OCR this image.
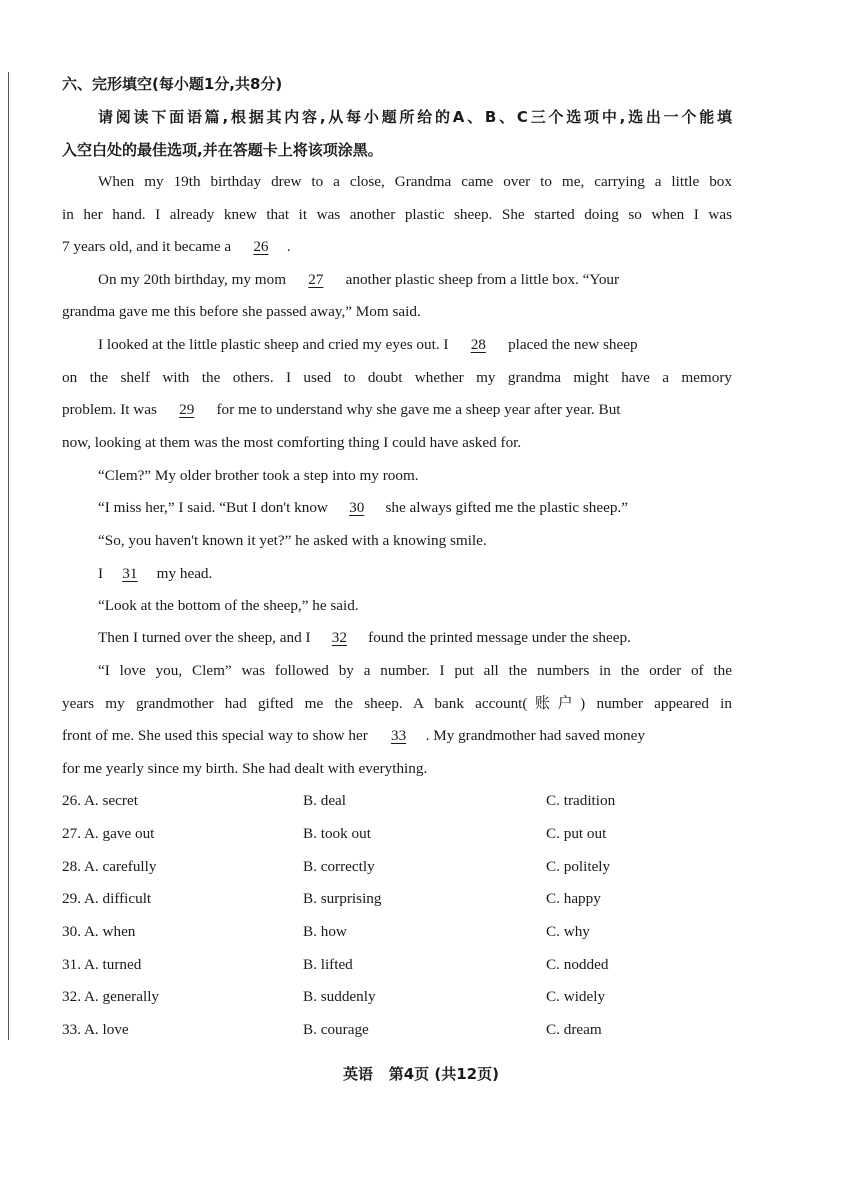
六、完形填空(每小题1分,共8分)
请阅读下面语篇,根据其内容,从每小题所给的A、B、C三个选项中,选出一个能填
入空白处的最佳选项,并在答题卡上将该项涂黑。
When my 19th birthday drew to a close, Grandma came over to me, carrying a little box
in her hand. I already knew that it was another plastic sheep. She started doing so when I was
7 years old, and it became a 26 .
On my 20th birthday, my mom 27 another plastic sheep from a little box. “Your
grandma gave me this before she passed away,” Mom said.
I looked at the little plastic sheep and cried my eyes out. I 28 placed the new sheep
on the shelf with the others. I used to doubt whether my grandma might have a memory
problem. It was 29 for me to understand why she gave me a sheep year after year. But
now, looking at them was the most comforting thing I could have asked for.
“Clem?” My older brother took a step into my room.
“I miss her,” I said. “But I don't know 30 she always gifted me the plastic sheep.”
“So, you haven't known it yet?” he asked with a knowing smile.
I 31 my head.
“Look at the bottom of the sheep,” he said.
Then I turned over the sheep, and I 32 found the printed message under the sheep.
“I love you, Clem” was followed by a number. I put all the numbers in the order of the
years my grandmother had gifted me the sheep. A bank account(账户) number appeared in
front of me. She used this special way to show her 33 . My grandmother had saved money
for me yearly since my birth. She had dealt with everything.
26. A. secret	B. deal	C. tradition
27. A. gave out	B. took out	C. put out
28. A. carefully	B. correctly	C. politely
29. A. difficult	B. surprising	C. happy
30. A. when	B. how	C. why
31. A. turned	B. lifted	C. nodded
32. A. generally	B. suddenly	C. widely
33. A. love	B. courage	C. dream
英语 第4页 (共12页)
